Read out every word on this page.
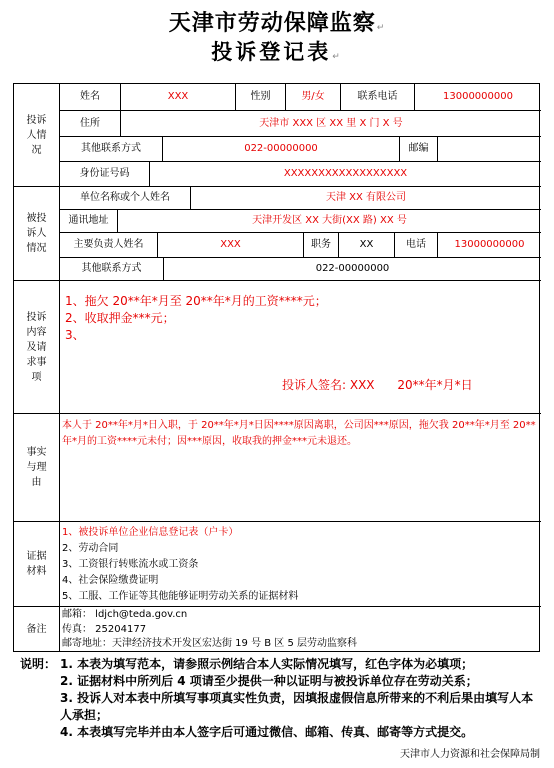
天津市劳动保障监察↵
投诉登记表↵
投诉
人情
况
姓名	XXX	性别	男/女	联系电话	13000000000
住所	天津市 XXX 区 XX 里 X 门 X 号
其他联系方式	022-00000000	邮编
身份证号码	XXXXXXXXXXXXXXXXXX
被投
诉人
情况
单位名称或个人姓名	天津 XX 有限公司
通讯地址	天津开发区 XX 大街(XX 路) XX 号
主要负责人姓名	XXX	职务	XX	电话	13000000000
其他联系方式	022-00000000
投诉
内容
及请
求事
项
1、拖欠 20**年*月至 20**年*月的工资****元；
2、收取押金***元；
3、
投诉人签名: XXX      20**年*月*日
事实
与理
由
本人于 20**年*月*日入职，于 20**年*月*日因****原因离职，公司因***原因，拖欠我 20**年*月至 20**年*月的工资****元未付；因***原因，收取我的押金***元未退还。
证据
材料
1、被投诉单位企业信息登记表（户卡）
2、劳动合同
3、工资银行转账流水或工资条
4、社会保险缴费证明
5、工服、工作证等其他能够证明劳动关系的证据材料
备注
邮箱： ldjch@teda.gov.cn
传真： 25204177
邮寄地址：天津经济技术开发区宏达街 19 号 B 区 5 层劳动监察科
说明： 1. 本表为填写范本，请参照示例结合本人实际情况填写，红色字体为必填项；
2. 证据材料中所列后 4 项请至少提供一种以证明与被投诉单位存在劳动关系；
3. 投诉人对本表中所填写事项真实性负责，因填报虚假信息所带来的不利后果由填写人本人承担；
4. 本表填写完毕并由本人签字后可通过微信、邮箱、传真、邮寄等方式提交。
天津市人力资源和社会保障局制
